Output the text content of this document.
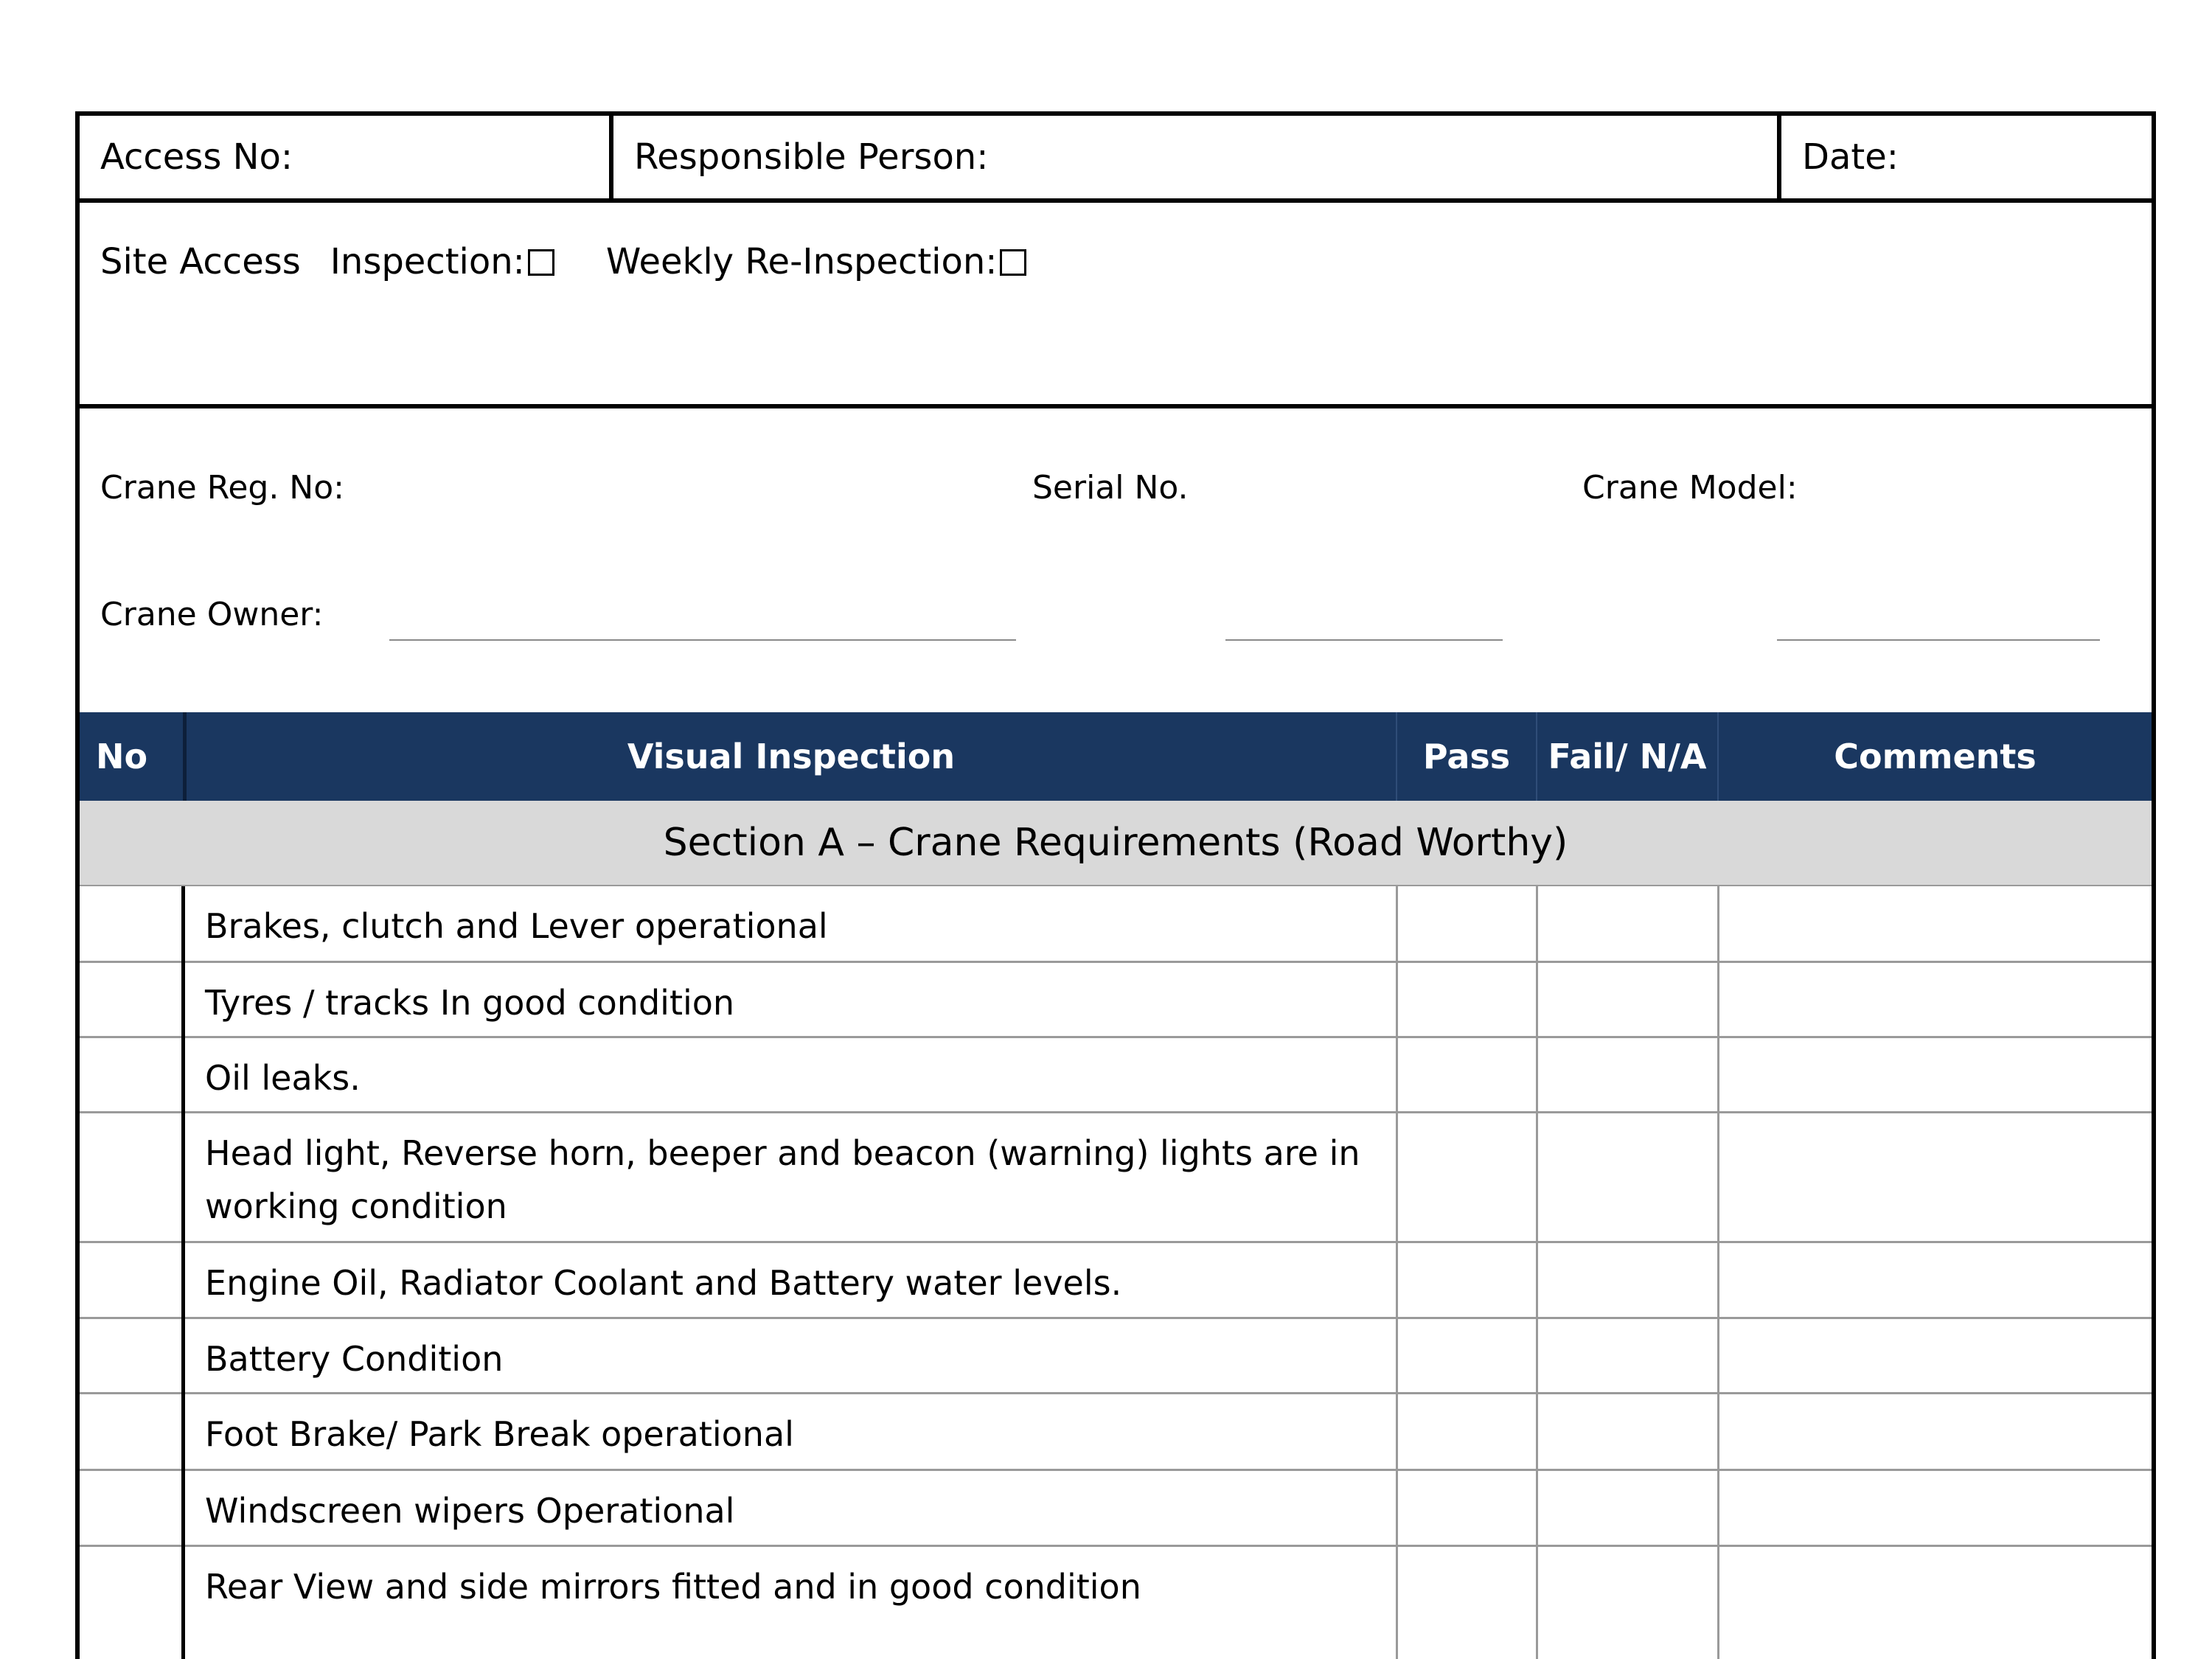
Access No:	Responsible Person:	Date:
Site Access Inspection: Weekly Re-Inspection:
Crane Reg. No:	Serial No.	Crane Model:
Crane Owner:
No	Visual Inspection	Pass	Fail/ N/A	Comments
Section A – Crane Requirements (Road Worthy)
Brakes, clutch and Lever operational
Tyres / tracks In good condition
Oil leaks.
Head light, Reverse horn, beeper and beacon (warning) lights are in working condition
Engine Oil, Radiator Coolant and Battery water levels.
Battery Condition
Foot Brake/ Park Break operational
Windscreen wipers Operational
Rear View and side mirrors fitted and in good condition
